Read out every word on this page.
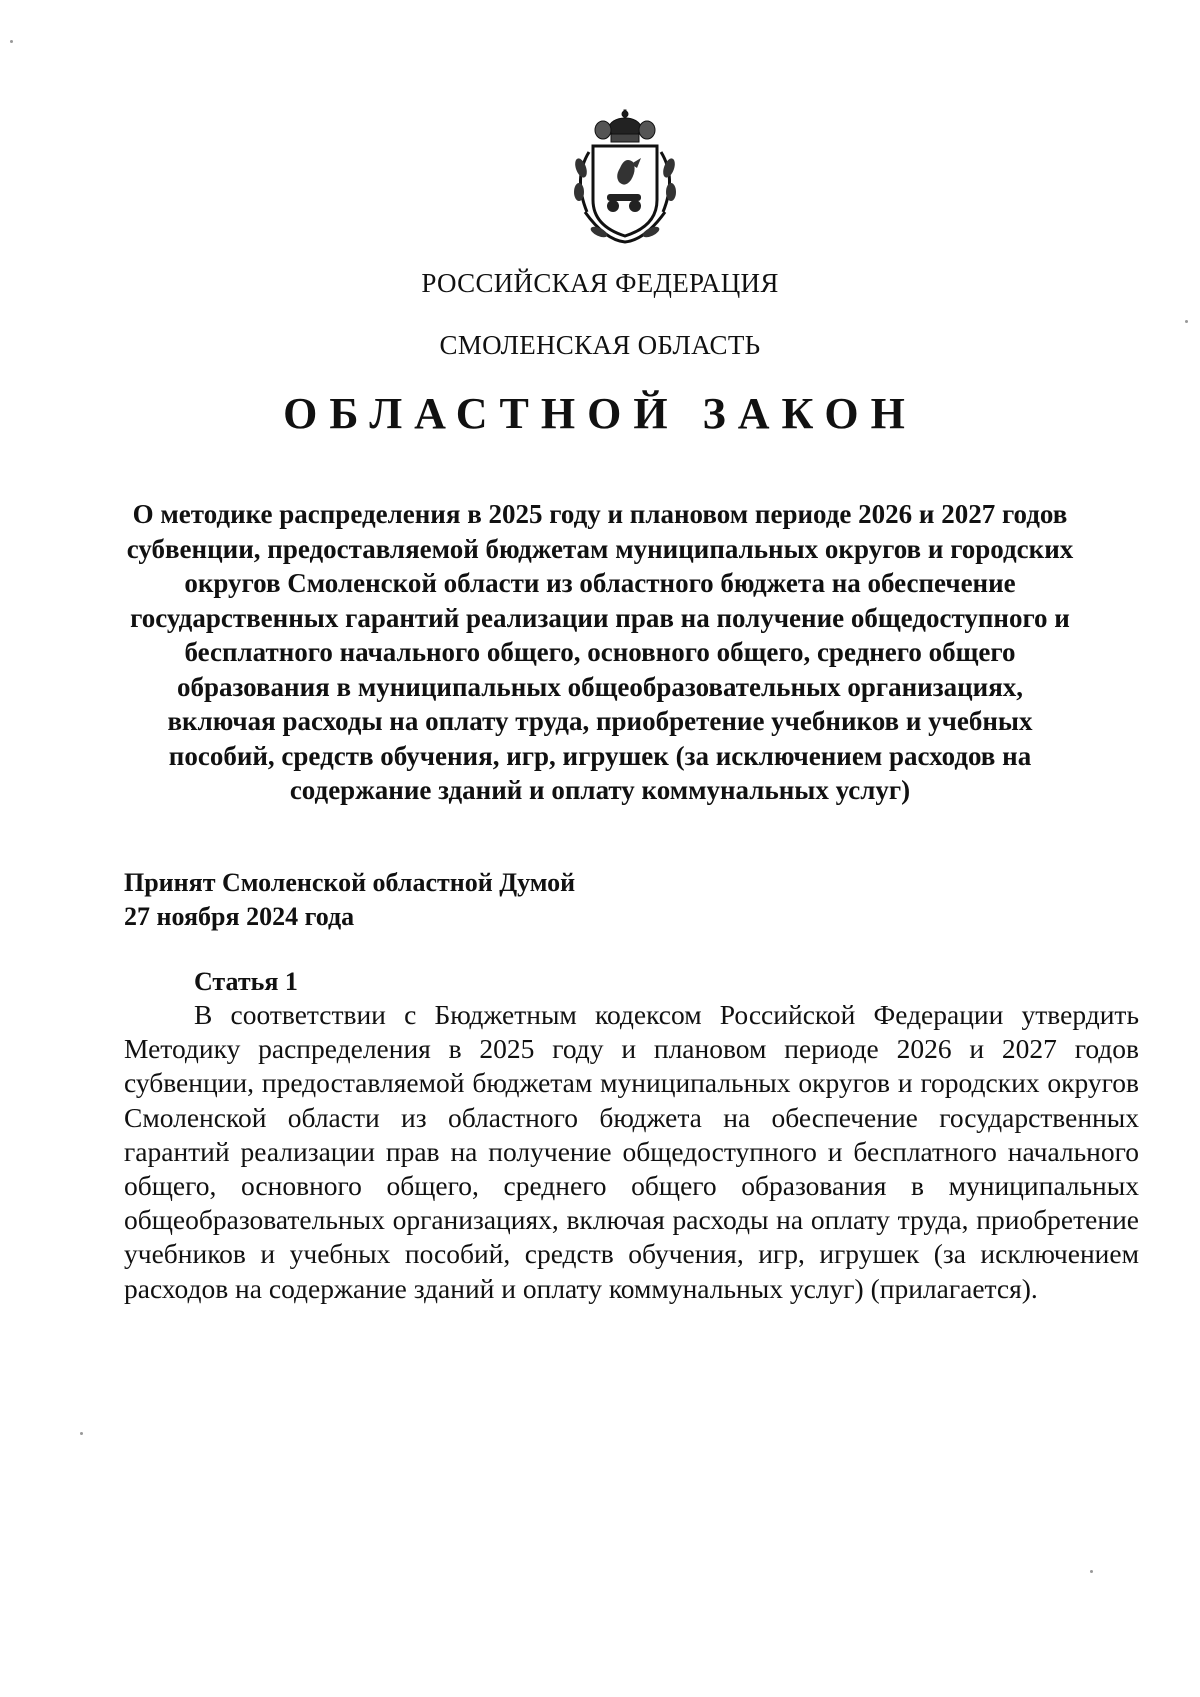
РОССИЙСКАЯ ФЕДЕРАЦИЯ
СМОЛЕНСКАЯ ОБЛАСТЬ
ОБЛАСТНОЙ ЗАКОН
О методике распределения в 2025 году и плановом периоде 2026 и 2027 годов субвенции, предоставляемой бюджетам муниципальных округов и городских округов Смоленской области из областного бюджета на обеспечение государственных гарантий реализации прав на получение общедоступного и бесплатного начального общего, основного общего, среднего общего образования в муниципальных общеобразовательных организациях, включая расходы на оплату труда, приобретение учебников и учебных пособий, средств обучения, игр, игрушек (за исключением расходов на содержание зданий и оплату коммунальных услуг)
Принят Смоленской областной Думой
27 ноября 2024 года
Статья 1
В соответствии с Бюджетным кодексом Российской Федерации утвердить Методику распределения в 2025 году и плановом периоде 2026 и 2027 годов субвенции, предоставляемой бюджетам муниципальных округов и городских округов Смоленской области из областного бюджета на обеспечение государственных гарантий реализации прав на получение общедоступного и бесплатного начального общего, основного общего, среднего общего образования в муниципальных общеобразовательных организациях, включая расходы на оплату труда, приобретение учебников и учебных пособий, средств обучения, игр, игрушек (за исключением расходов на содержание зданий и оплату коммунальных услуг) (прилагается).
